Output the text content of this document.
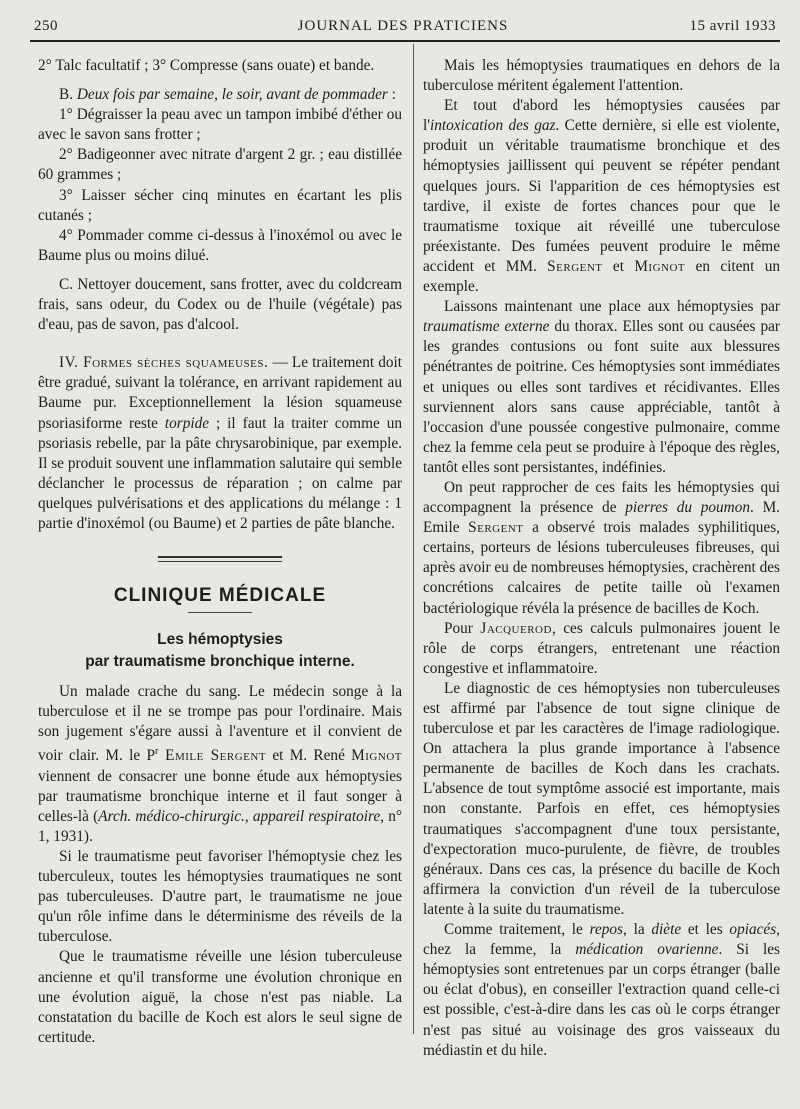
250	JOURNAL DES PRATICIENS	15 avril 1933

2° Talc facultatif ; 3° Compresse (sans ouate) et bande.

B. Deux fois par semaine, le soir, avant de pommader :

1° Dégraisser la peau avec un tampon imbibé d'éther ou avec le savon sans frotter ;

2° Badigeonner avec nitrate d'argent 2 gr. ; eau distillée 60 grammes ;

3° Laisser sécher cinq minutes en écartant les plis cutanés ;

4° Pommader comme ci-dessus à l'inoxémol ou avec le Baume plus ou moins dilué.

C. Nettoyer doucement, sans frotter, avec du coldcream frais, sans odeur, du Codex ou de l'huile (végétale) pas d'eau, pas de savon, pas d'alcool.

IV. Formes sèches squameuses. — Le traitement doit être gradué, suivant la tolérance, en arrivant rapidement au Baume pur. Exceptionnellement la lésion squameuse psoriasiforme reste torpide ; il faut la traiter comme un psoriasis rebelle, par la pâte chrysarobinique, par exemple. Il se produit souvent une inflammation salutaire qui semble déclancher le processus de réparation ; on calme par quelques pulvérisations et des applications du mélange : 1 partie d'inoxémol (ou Baume) et 2 parties de pâte blanche.

CLINIQUE MÉDICALE
Les hémoptysies
par traumatisme bronchique interne.

Un malade crache du sang. Le médecin songe à la tuberculose et il ne se trompe pas pour l'ordinaire. Mais son jugement s'égare aussi à l'aventure et il convient de voir clair. M. le $P^r$ Emile Sergent et M. René Mignot viennent de consacrer une bonne étude aux hémoptysies par traumatisme bronchique interne et il faut songer à celles-là (Arch. médico-chirurgic., appareil respiratoire, n° 1, 1931).

Si le traumatisme peut favoriser l'hémoptysie chez les tuberculeux, toutes les hémoptysies traumatiques ne sont pas tuberculeuses. D'autre part, le traumatisme ne joue qu'un rôle infime dans le déterminisme des réveils de la tuberculose.

Que le traumatisme réveille une lésion tuberculeuse ancienne et qu'il transforme une évolution chronique en une évolution aiguë, la chose n'est pas niable. La constatation du bacille de Koch est alors le seul signe de certitude.

Mais les hémoptysies traumatiques en dehors de la tuberculose méritent également l'attention.

Et tout d'abord les hémoptysies causées par l'intoxication des gaz. Cette dernière, si elle est violente, produit un véritable traumatisme bronchique et des hémoptysies jaillissent qui peuvent se répéter pendant quelques jours. Si l'apparition de ces hémoptysies est tardive, il existe de fortes chances pour que le traumatisme toxique ait réveillé une tuberculose préexistante. Des fumées peuvent produire le même accident et MM. Sergent et Mignot en citent un exemple.

Laissons maintenant une place aux hémoptysies par traumatisme externe du thorax. Elles sont ou causées par les grandes contusions ou font suite aux blessures pénétrantes de poitrine. Ces hémoptysies sont immédiates et uniques ou elles sont tardives et récidivantes. Elles surviennent alors sans cause appréciable, tantôt à l'occasion d'une poussée congestive pulmonaire, comme chez la femme cela peut se produire à l'époque des règles, tantôt elles sont persistantes, indéfinies.

On peut rapprocher de ces faits les hémoptysies qui accompagnent la présence de pierres du poumon. M. Emile Sergent a observé trois malades syphilitiques, certains, porteurs de lésions tuberculeuses fibreuses, qui après avoir eu de nombreuses hémoptysies, crachèrent des concrétions calcaires de petite taille où l'examen bactériologique révéla la présence de bacilles de Koch.

Pour Jacquerod, ces calculs pulmonaires jouent le rôle de corps étrangers, entretenant une réaction congestive et inflammatoire.

Le diagnostic de ces hémoptysies non tuberculeuses est affirmé par l'absence de tout signe clinique de tuberculose et par les caractères de l'image radiologique. On attachera la plus grande importance à l'absence permanente de bacilles de Koch dans les crachats. L'absence de tout symptôme associé est importante, mais non constante. Parfois en effet, ces hémoptysies traumatiques s'accompagnent d'une toux persistante, d'expectoration muco-purulente, de fièvre, de troubles généraux. Dans ces cas, la présence du bacille de Koch affirmera la conviction d'un réveil de la tuberculose latente à la suite du traumatisme.

Comme traitement, le repos, la diète et les opiacés, chez la femme, la médication ovarienne. Si les hémoptysies sont entretenues par un corps étranger (balle ou éclat d'obus), en conseiller l'extraction quand celle-ci est possible, c'est-à-dire dans les cas où le corps étranger n'est pas situé au voisinage des gros vaisseaux du médiastin et du hile.
